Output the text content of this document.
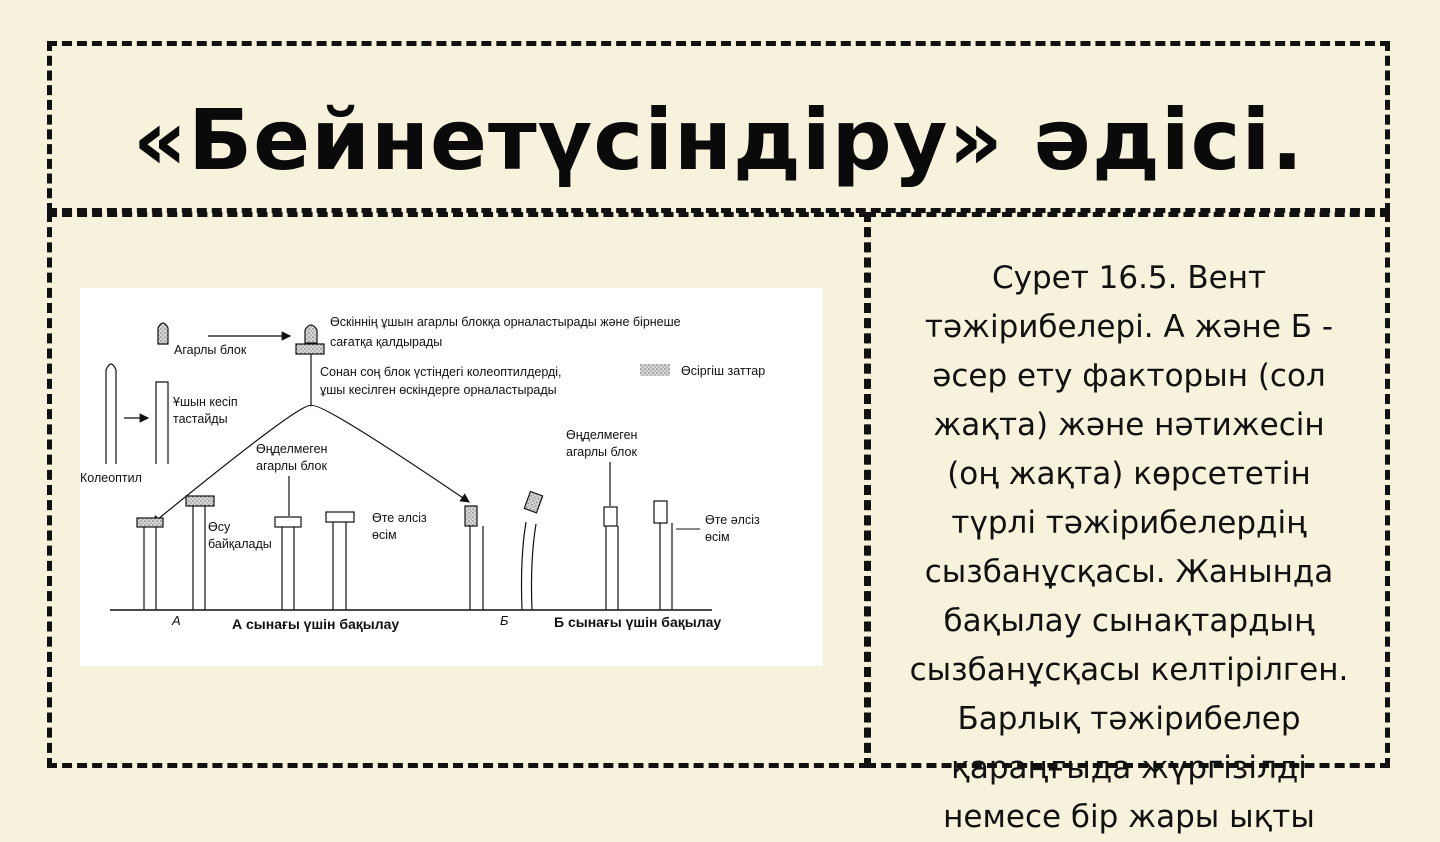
«Бейнетүсіндіру» әдісі.
Агарлы блок
Өскіннің ұшын агарлы блокқа орналастырады және бірнеше
сағатқа қалдырады
Сонан соң блок үстіндегі колеоптилдерді,
ұшы кесілген өскіндерге орналастырады
Өсіргіш заттар
Ұшын кесіп
тастайды
Колеоптил
Өсу
байқалады
Өңделмеген
агарлы блок
Өте әлсіз
өсім
Өңделмеген
агарлы блок
Өте әлсіз
өсім
А	А сынағы үшін бақылау	Б	Б сынағы үшін бақылау
Сурет 16.5. Вент
тәжірибелері. А және Б -
әсер ету факторын (сол
жақта) және нәтижесін
(оң жақта) көрсететін
түрлі тәжірибелердің
сызбанұсқасы. Жанында
бақылау сынақтардың
сызбанұсқасы келтірілген.
Барлық тәжірибелер
қараңғыда жүргізілді
немесе бір жары ықты
